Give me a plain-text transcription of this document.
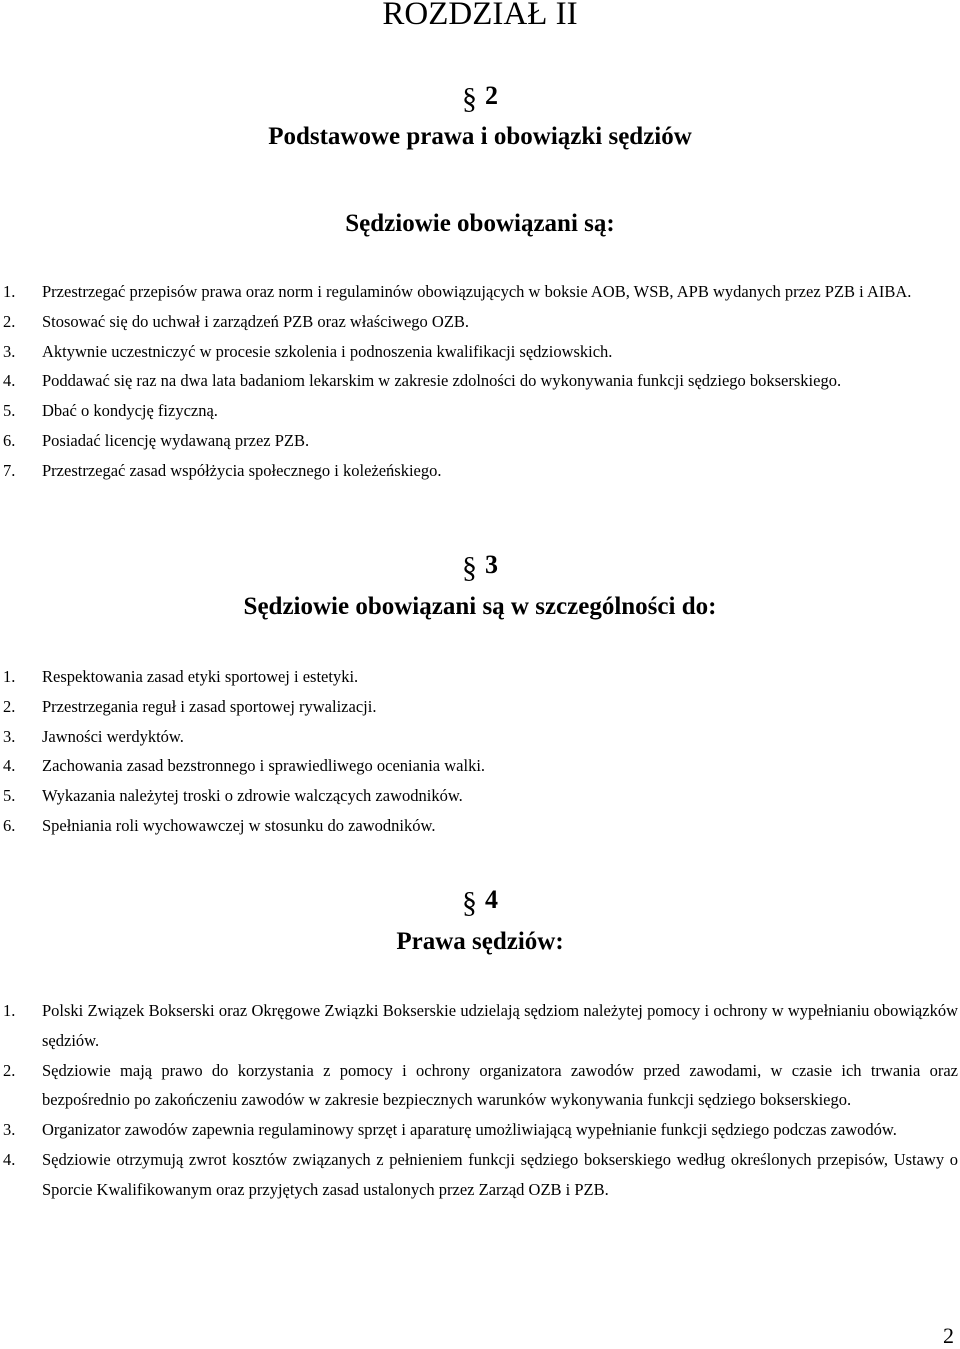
ROZDZIAŁ II
§ 2
Podstawowe prawa i obowiązki sędziów
Sędziowie obowiązani są:
1. Przestrzegać przepisów prawa oraz norm i regulaminów obowiązujących w boksie AOB, WSB, APB wydanych przez PZB i AIBA.
2. Stosować się do uchwał i zarządzeń PZB oraz właściwego OZB.
3. Aktywnie uczestniczyć w procesie szkolenia i podnoszenia kwalifikacji sędziowskich.
4. Poddawać się raz na dwa lata badaniom lekarskim w zakresie zdolności do wykonywania funkcji sędziego bokserskiego.
5. Dbać o kondycję fizyczną.
6. Posiadać licencję wydawaną przez PZB.
7. Przestrzegać zasad współżycia społecznego i koleżeńskiego.
§ 3
Sędziowie obowiązani są w szczególności do:
1. Respektowania zasad etyki sportowej i estetyki.
2. Przestrzegania reguł i zasad sportowej rywalizacji.
3. Jawności werdyktów.
4. Zachowania zasad bezstronnego i sprawiedliwego oceniania walki.
5. Wykazania należytej troski o zdrowie walczących zawodników.
6. Spełniania roli wychowawczej w stosunku do zawodników.
§ 4
Prawa sędziów:
1. Polski Związek Bokserski oraz Okręgowe Związki Bokserskie udzielają sędziom należytej pomocy i ochrony w wypełnianiu obowiązków sędziów.
2. Sędziowie mają prawo do korzystania z pomocy i ochrony organizatora zawodów przed zawodami, w czasie ich trwania oraz bezpośrednio po zakończeniu zawodów w zakresie bezpiecznych warunków wykonywania funkcji sędziego bokserskiego.
3. Organizator zawodów zapewnia regulaminowy sprzęt i aparaturę umożliwiającą wypełnianie funkcji sędziego podczas zawodów.
4. Sędziowie otrzymują zwrot kosztów związanych z pełnieniem funkcji sędziego bokserskiego według określonych przepisów, Ustawy o Sporcie Kwalifikowanym oraz przyjętych zasad ustalonych przez Zarząd OZB i PZB.
2
